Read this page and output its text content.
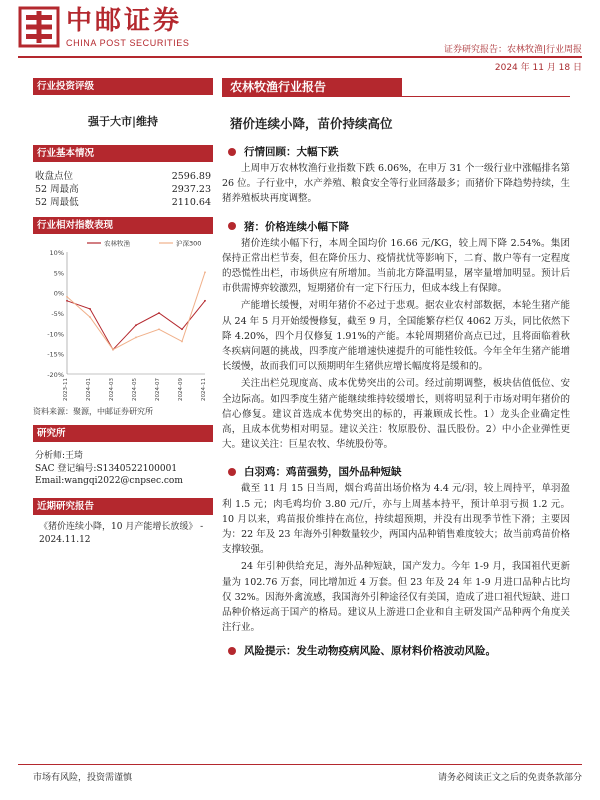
中邮证券
CHINA POST SECURITIES
证券研究报告：农林牧渔|行业周报
2024 年 11 月 18 日
行业投资评级
强于大市|维持
行业基本情况
收盘点位	2596.89
52 周最高	2937.23
52 周最低	2110.64
行业相对指数表现
10%
5%
0%
-5%
-10%
-15%
-20%
2023-11	2024-01	2024-03	2024-05	2024-07	2024-09	2024-11
农林牧渔	沪深300
资料来源：聚源，中邮证券研究所
研究所
分析师:王琦
SAC 登记编号:S1340522100001
Email:wangqi2022@cnpsec.com
近期研究报告
《猪价连续小降，10 月产能增长放缓》 - 2024.11.12
农林牧渔行业报告
猪价连续小降，苗价持续高位
行情回顾：大幅下跌

上周申万农林牧渔行业指数下跌 6.06%，在申万 31 个一级行业中涨幅排名第 26 位。子行业中，水产养殖、粮食安全等行业回落最多；而猪价下降趋势持续，生猪养殖板块再度调整。

猪：价格连续小幅下降

猪价连续小幅下行，本周全国均价 16.66 元/KG，较上周下降 2.54%。集团保持正常出栏节奏，但在降价压力、疫情扰忧等影响下，二育、散户等有一定程度的恐慌性出栏，市场供应有所增加。当前北方降温明显，屠宰量增加明显。预计后市供需博弈较激烈，短期猪价有一定下行压力，但成本线上有保障。

产能增长缓慢，对明年猪价不必过于悲观。据农业农村部数据，本轮生猪产能从 24 年 5 月开始缓慢修复，截至 9 月，全国能繁存栏仅 4062 万头，同比依然下降 4.20%，四个月仅修复 1.91%的产能。本轮周期猪价高点已过，且将面临着秋冬疾病问题的挑战，四季度产能增速快速提升的可能性较低。今年全年生猪产能增长缓慢，故而我们可以预期明年生猪供应增长幅度将是缓和的。

关注出栏兑现度高、成本优势突出的公司。经过前期调整，板块估值低位、安全边际高。如四季度生猪产能继续维持较缓增长，则将明显利于市场对明年猪价的信心修复。建议首选成本优势突出的标的，再兼顾成长性。1）龙头企业确定性高，且成本优势相对明显。建议关注：牧原股份、温氏股份。2）中小企业弹性更大。建议关注：巨星农牧、华统股份等。

白羽鸡：鸡苗强势，国外品种短缺

截至 11 月 15 日当周，烟台鸡苗出场价格为 4.4 元/羽，较上周持平，单羽盈利 1.5 元；肉毛鸡均价 3.80 元/斤，亦与上周基本持平，预计单羽亏损 1.2 元。10 月以来，鸡苗报价维持在高位，持续超预期，并没有出现季节性下滑；主要因为：22 年及 23 年海外引种数量较少，两国内品种销售难度较大；故当前鸡苗价格支撑较强。

24 年引种供给充足，海外品种短缺，国产发力。今年 1-9 月，我国祖代更新量为 102.76 万套，同比增加近 4 万套。但 23 年及 24 年 1-9 月进口品种占比均仅 32%。因海外禽流感，我国海外引种途径仅有美国，造成了进口祖代短缺、进口品种价格远高于国产的格局。建议从上游进口企业和自主研发国产品种两个角度关注行业。

风险提示：发生动物疫病风险、原材料价格波动风险。
市场有风险，投资需谨慎	请务必阅读正文之后的免责条款部分
